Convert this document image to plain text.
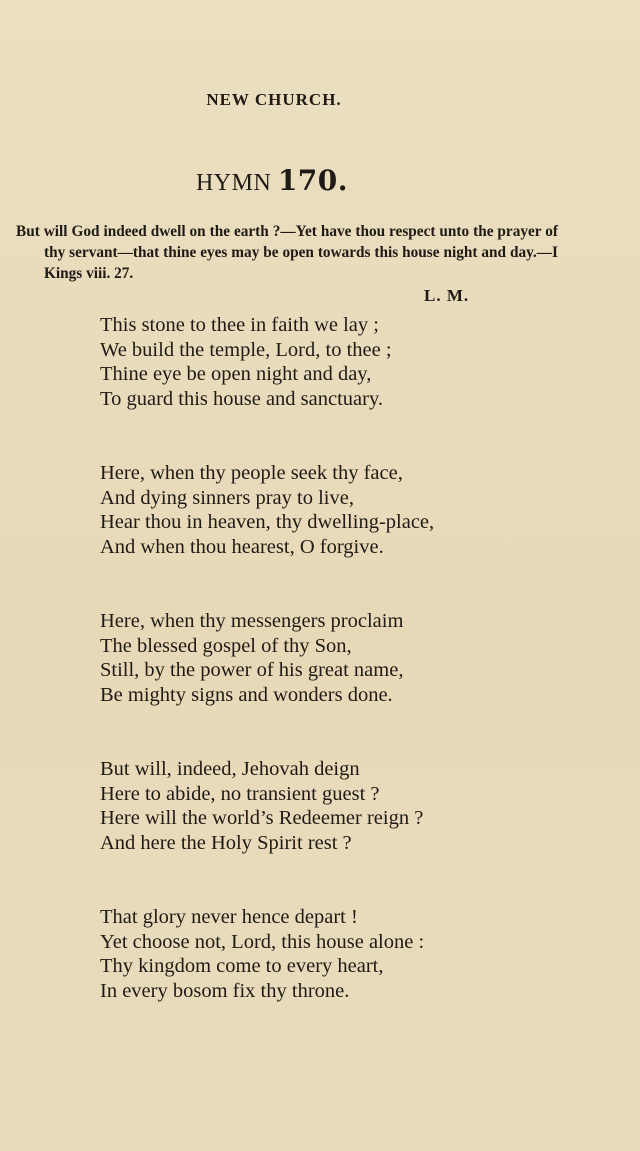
NEW CHURCH.
HYMN 170.
But will God indeed dwell on the earth ?—Yet have thou respect unto the prayer of thy servant—that thine eyes may be open towards this house night and day.—I Kings viii. 27.
L. M.
This stone to thee in faith we lay ;
We build the temple, Lord, to thee ;
Thine eye be open night and day,
To guard this house and sanctuary.
Here, when thy people seek thy face,
And dying sinners pray to live,
Hear thou in heaven, thy dwelling-place,
And when thou hearest, O forgive.
Here, when thy messengers proclaim
The blessed gospel of thy Son,
Still, by the power of his great name,
Be mighty signs and wonders done.
But will, indeed, Jehovah deign
Here to abide, no transient guest ?
Here will the world’s Redeemer reign ?
And here the Holy Spirit rest ?
That glory never hence depart !
Yet choose not, Lord, this house alone :
Thy kingdom come to every heart,
In every bosom fix thy throne.
